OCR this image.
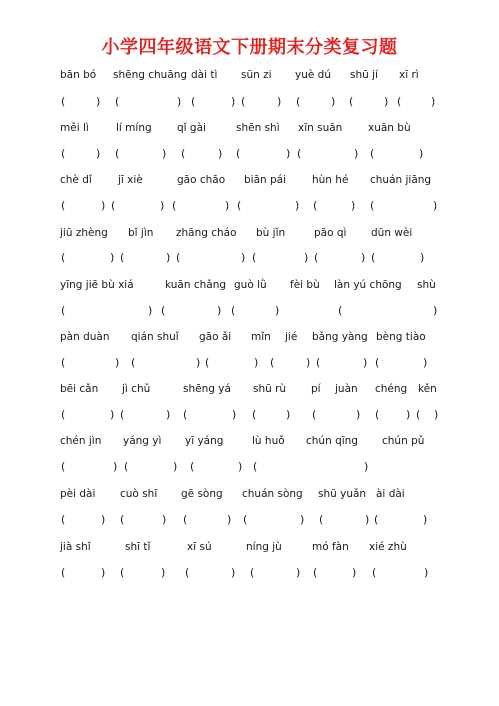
小学四年级语文下册期末分类复习题
bān bó shēng chuāng dài tì sūn zi yuè dú shū jí xī rì
(	) (	) (	) (	) (	) (	) (	)
měi lì	lí míng qǐ gài	shēn shì xīn suān xuān bù
(	) (	) (	) (	) (	) (	)
chè dǐ jī xiè	gāo chāo biān pái hùn hé chuán jiāng
(	) (	) (	) (	) (	) (	)
jiū zhèng bǐ jìn zhāng cháo bù jǐn	pāo qì dūn wèi
(	) (	) (	) (	) (	) (	)
yīng jiē bù xiá	kuān chǎng guò lǜ fèi bù làn yú chōng shù
(	) (	) (	)	(	)
pàn duàn qián shuǐ gāo ǎi mǐn jié bǎng yàng bèng tiào
(	) (	) (	) (	) (	) (	)
bēi cǎn jì chǔ	shēng yá shū rù pí juàn chéng kěn
(	) (	) (	) (	) (	) ( ) ( )
chén jìn yáng yì yī yáng	lù huǒ chún qīng chún pǔ
(	) (	) (	) (	)
pèi dài cuò shī gē sòng chuán sòng shū yuǎn ài dài
(	) (	) (	) (	) (	) (	)
jià shǐ	shī tǐ	xī sú	níng jù	mó fàn xié zhù
(	) (	) (	) (	) (	) (	)
